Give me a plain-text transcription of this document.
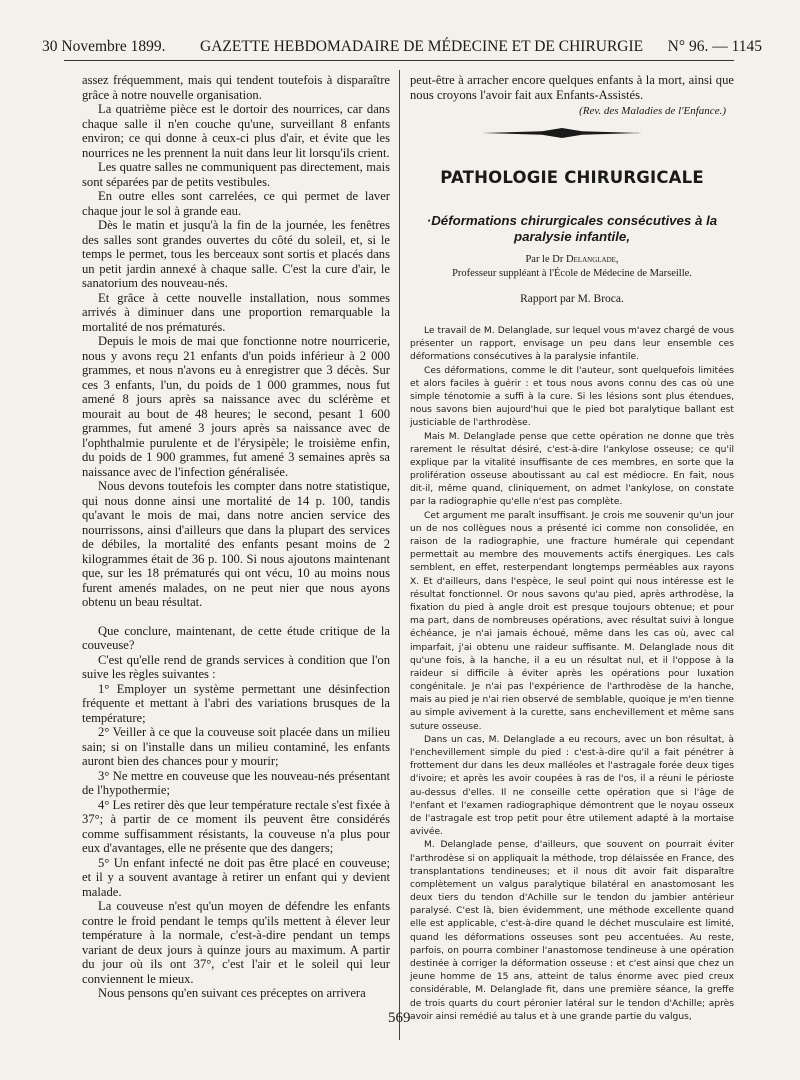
30 Novembre 1899. GAZETTE HEBDOMADAIRE DE MÉDECINE ET DE CHIRURGIE N° 96. — 1145

assez fréquemment, mais qui tendent toutefois à disparaître grâce à notre nouvelle organisation.

La quatrième pièce est le dortoir des nourrices, car dans chaque salle il n'en couche qu'une, surveillant 8 enfants environ; ce qui donne à ceux-ci plus d'air, et évite que les nourrices ne les prennent la nuit dans leur lit lorsqu'ils crient.

Les quatre salles ne communiquent pas directement, mais sont séparées par de petits vestibules.

En outre elles sont carrelées, ce qui permet de laver chaque jour le sol à grande eau.

Dès le matin et jusqu'à la fin de la journée, les fenêtres des salles sont grandes ouvertes du côté du soleil, et, si le temps le permet, tous les berceaux sont sortis et placés dans un petit jardin annexé à chaque salle. C'est la cure d'air, le sanatorium des nouveau-nés.

Et grâce à cette nouvelle installation, nous sommes arrivés à diminuer dans une proportion remarquable la mortalité de nos prématurés.

Depuis le mois de mai que fonctionne notre nourricerie, nous y avons reçu 21 enfants d'un poids inférieur à 2 000 grammes, et nous n'avons eu à enregistrer que 3 décès. Sur ces 3 enfants, l'un, du poids de 1 000 grammes, nous fut amené 8 jours après sa naissance avec du sclérème et mourait au bout de 48 heures; le second, pesant 1 600 grammes, fut amené 3 jours après sa naissance avec de l'ophthalmie purulente et de l'érysipèle; le troisième enfin, du poids de 1 900 grammes, fut amené 3 semaines après sa naissance avec de l'infection généralisée.

Nous devons toutefois les compter dans notre statistique, qui nous donne ainsi une mortalité de 14 p. 100, tandis qu'avant le mois de mai, dans notre ancien service des nourrissons, ainsi d'ailleurs que dans la plupart des services de débiles, la mortalité des enfants pesant moins de 2 kilogrammes était de 36 p. 100. Si nous ajoutons maintenant que, sur les 18 prématurés qui ont vécu, 10 au moins nous furent amenés malades, on ne peut nier que nous ayons obtenu un beau résultat.

Que conclure, maintenant, de cette étude critique de la couveuse?

C'est qu'elle rend de grands services à condition que l'on suive les règles suivantes :

1° Employer un système permettant une désinfection fréquente et mettant à l'abri des variations brusques de la température;

2° Veiller à ce que la couveuse soit placée dans un milieu sain; si on l'installe dans un milieu contaminé, les enfants auront bien des chances pour y mourir;

3° Ne mettre en couveuse que les nouveau-nés présentant de l'hypothermie;

4° Les retirer dès que leur température rectale s'est fixée à 37°; à partir de ce moment ils peuvent être considérés comme suffisamment résistants, la couveuse n'a plus pour eux d'avantages, elle ne présente que des dangers;

5° Un enfant infecté ne doit pas être placé en couveuse; et il y a souvent avantage à retirer un enfant qui y devient malade.

La couveuse n'est qu'un moyen de défendre les enfants contre le froid pendant le temps qu'ils mettent à élever leur température à la normale, c'est-à-dire pendant un temps variant de deux jours à quinze jours au maximum. A partir du jour où ils ont 37°, c'est l'air et le soleil qui leur conviennent le mieux.

Nous pensons qu'en suivant ces préceptes on arrivera

peut-être à arracher encore quelques enfants à la mort, ainsi que nous croyons l'avoir fait aux Enfants-Assistés.

(Rev. des Maladies de l'Enfance.)
PATHOLOGIE CHIRURGICALE
·Déformations chirurgicales consécutives à la paralysie infantile,
Par le Dr Delanglade,
Professeur suppléant à l'École de Médecine de Marseille.
Rapport par M. Broca.

Le travail de M. Delanglade, sur lequel vous m'avez chargé de vous présenter un rapport, envisage un peu dans leur ensemble ces déformations consécutives à la paralysie infantile.

Ces déformations, comme le dit l'auteur, sont quelquefois limitées et alors faciles à guérir : et tous nous avons connu des cas où une simple ténotomie a suffi à la cure. Si les lésions sont plus étendues, nous savons bien aujourd'hui que le pied bot paralytique ballant est justiciable de l'arthrodèse.

Mais M. Delanglade pense que cette opération ne donne que très rarement le résultat désiré, c'est-à-dire l'ankylose osseuse; ce qu'il explique par la vitalité insuffisante de ces membres, en sorte que la prolifération osseuse aboutissant au cal est médiocre. En fait, nous dit-il, même quand, cliniquement, on admet l'ankylose, on constate par la radiographie qu'elle n'est pas complète.

Cet argument me paraît insuffisant. Je crois me souvenir qu'un jour un de nos collègues nous a présenté ici comme non consolidée, en raison de la radiographie, une fracture humérale qui cependant permettait au membre des mouvements actifs énergiques. Les cals semblent, en effet, resterpendant longtemps perméables aux rayons X. Et d'ailleurs, dans l'espèce, le seul point qui nous intéresse est le résultat fonctionnel. Or nous savons qu'au pied, après arthrodèse, la fixation du pied à angle droit est presque toujours obtenue; et pour ma part, dans de nombreuses opérations, avec résultat suivi à longue échéance, je n'ai jamais échoué, même dans les cas où, avec cal imparfait, j'ai obtenu une raideur suffisante. M. Delanglade nous dit qu'une fois, à la hanche, il a eu un résultat nul, et il l'oppose à la raideur si difficile à éviter après les opérations pour luxation congénitale. Je n'ai pas l'expérience de l'arthrodèse de la hanche, mais au pied je n'ai rien observé de semblable, quoique je m'en tienne au simple avivement à la curette, sans enchevillement et même sans suture osseuse.

Dans un cas, M. Delanglade a eu recours, avec un bon résultat, à l'enchevillement simple du pied : c'est-à-dire qu'il a fait pénétrer à frottement dur dans les deux malléoles et l'astragale forée deux tiges d'ivoire; et après les avoir coupées à ras de l'os, il a réuni le périoste au-dessus d'elles. Il ne conseille cette opération que si l'âge de l'enfant et l'examen radiographique démontrent que le noyau osseux de l'astragale est trop petit pour être utilement adapté à la mortaise avivée.

M. Delanglade pense, d'ailleurs, que souvent on pourrait éviter l'arthrodèse si on appliquait la méthode, trop délaissée en France, des transplantations tendineuses; et il nous dit avoir fait disparaître complètement un valgus paralytique bilatéral en anastomosant les deux tiers du tendon d'Achille sur le tendon du jambier antérieur paralysé. C'est là, bien évidemment, une méthode excellente quand elle est applicable, c'est-à-dire quand le déchet musculaire est limité, quand les déformations osseuses sont peu accentuées. Au reste, parfois, on pourra combiner l'anastomose tendineuse à une opération destinée à corriger la déformation osseuse : et c'est ainsi que chez un jeune homme de 15 ans, atteint de talus énorme avec pied creux considérable, M. Delanglade fit, dans une première séance, la greffe de trois quarts du court péronier latéral sur le tendon d'Achille; après avoir ainsi remédié au talus et à une grande partie du valgus,

569
